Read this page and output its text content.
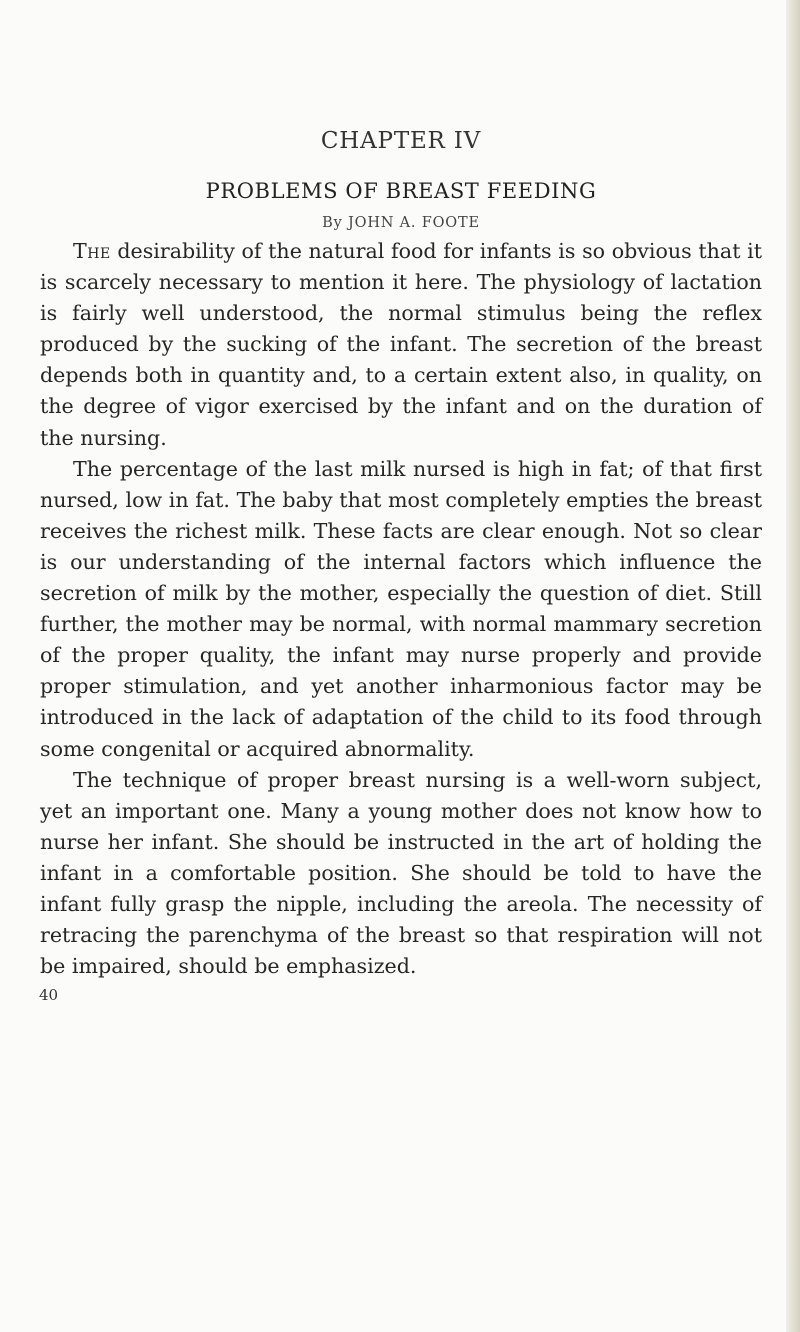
CHAPTER IV
PROBLEMS OF BREAST FEEDING

By JOHN A. FOOTE

The desirability of the natural food for infants is so obvious that it is scarcely necessary to mention it here. The physiology of lactation is fairly well understood, the normal stimulus being the reflex produced by the sucking of the infant. The secretion of the breast depends both in quantity and, to a certain extent also, in quality, on the degree of vigor exercised by the infant and on the duration of the nursing.

The percentage of the last milk nursed is high in fat; of that first nursed, low in fat. The baby that most completely empties the breast receives the richest milk. These facts are clear enough. Not so clear is our understanding of the internal factors which influence the secretion of milk by the mother, especially the question of diet. Still further, the mother may be normal, with normal mammary secretion of the proper quality, the infant may nurse properly and provide proper stimulation, and yet another inharmonious factor may be introduced in the lack of adaptation of the child to its food through some congenital or acquired abnormality.

The technique of proper breast nursing is a well-worn subject, yet an important one. Many a young mother does not know how to nurse her infant. She should be instructed in the art of holding the infant in a comfortable position. She should be told to have the infant fully grasp the nipple, including the areola. The necessity of retracing the parenchyma of the breast so that respiration will not be impaired, should be emphasized.

40
